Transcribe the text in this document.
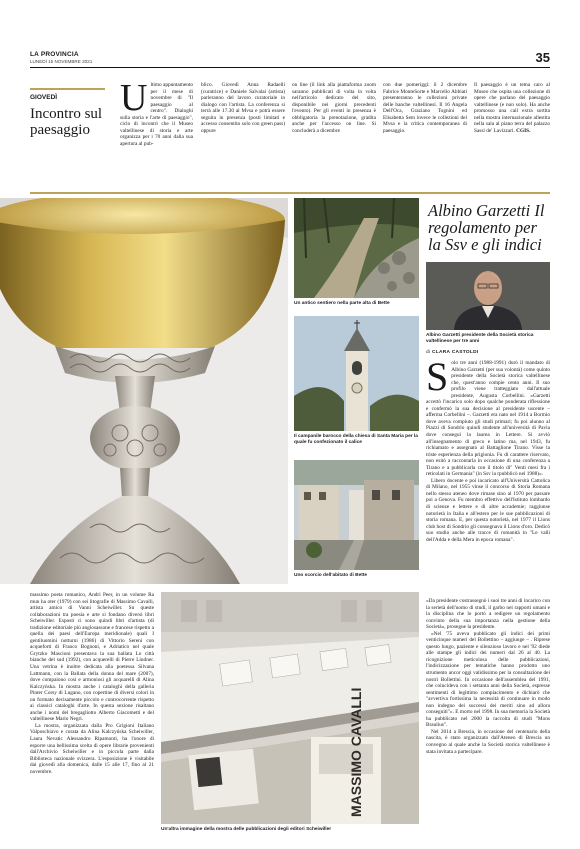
LA PROVINCIA
LUNEDÌ 15 NOVEMBRE 2021	35
GIOVEDÌ
Incontro sul paesaggio
Ultimo appuntamento per il mese di novembre di "Il paesaggio al centro". Dialoghi sulla storia e l'arte di paesaggio", ciclo di incontri che il Museo valtellinese di storia e arte organizza per i 70 anni dalla sua apertura al pub-
blico. Giovedì Anna Radaelli (curatrice) e Daniele Salvalai (artista) parleranno del lavoro curatoriale in dialogo con l'artista. La conferenza si terrà alle 17.30 al Mvsa e potrà essere seguita in presenza (posti limitati e accesso consentito solo con green pass) oppure
on line (il link alla piattaforma zoom saranno pubblicati di volta in volta nell'articolo dedicato del sito, disponibile nei giorni precedenti l'evento). Per gli eventi in presenza è obbligatoria la prenotazione, gradita anche per l'accesso on line. Si concluderà a dicembre
con due pomeriggi: il 2 dicembre Fabrice MonteSorte e Marcello Abbiati presenteranno le collezioni private delle banche valtellinesi. Il 16 Angela Dell'Oca, Graziano Tognini ed Elisabetta Sem invece le collezioni del Mvsa e la critica contemporanea di paesaggio.
Il paesaggio è un tema caro al Museo che ospita una collezione di opere che parlano del paesaggio valtellinese (e non solo). Ha anche promosso una call extra sortita nella mostra internazionale allestita nella sala al piano terra del palazzo Sassi de' Lavizzari. CGIS.
Un antico sentiero nella parte alta di Bette
Il campanile barocco della chiesa di Santa Maria per la quale fu confezionato il calice
Uno scorcio dell'abitato di Bette
Albino Garzetti Il regolamento per la Ssv e gli indici
Albino Garzetti presidente della Società storica valtellinese per tre anni
di CLARA CASTOLDI

Solo tre anni (1988-1991) durò il mandato di Albino Garzetti (per sua volontà) come quinto presidente della Società storica valtellinese che, quest'anno compie cento anni. Il suo profilo viene tratteggiato dall'attuale presidente, Augusta Corbellini. «Garzetti accettò l'incarico solo dopo qualche ponderata riflessione e confermò la sua decisione al presidente uscente – afferma Corbellini –. Garzetti era nato nel 1914 a Bormio dove aveva compiuto gli studi primari; fu poi alunno al Piazzi di Sondrio quindi studente all'università di Pavia dove conseguì la laurea in Lettere. Si avviò all'insegnamento di greco e latino ma, nel 1943, fu richiamato e assegnato al Battaglione Tirano. Visse la triste esperienza della prigionia. Fu di carattere riservato, non esitò a raccontarla in occasione di una conferenza a Tirano e a pubblicarla con il titolo di" Venti mesi fra i reticolati in Germania" (in Ssv la rpubblicò nel 1988)».

Libero docente e poi incaricato all'Università Cattolica di Milano, nel 1955 vinse il concorso di Storia Romana nello stesso ateneo dove rimase sino al 1970 per passare poi a Genova. Fu membro effettivo dell'Istituto lombardo di scienze e lettere e di altre accademie; raggiunse notorietà in Italia e all'estero per le sue pubblicazioni di storia romana. E, per questa notorietà, nel 1977 il Lions club host di Sondrio gli consegnava il Lions d'oro. Dedicò suo studio anche alle tracce di romanità in "Le valli dell'Adda e della Mera in epoca romana".

«Da presidente costrassegnò i suoi tre anni di incarico con la serietà dell'uomo di studi, il garbo nei rapporti umani e la disciplina che lo portò a redigere un regolamento convinto della sua importanza nella gestione della Società», prosegue la presidente.

«Nel '75 aveva pubblicato gli indici dei primi venticinque numeri del Bollettino – aggiunge – . Riprese questo lungo, paziente e silenzioso lavoro e nel '92 diede alle stampe gli indici dei numeri dal 26 al 40. La ricognizione meticolosa delle pubblicazioni, l'indicizzazione per tematiche hanno prodotto uno strumento ancor oggi validissimo per la consultazione dei nostri Bollettini. In occasione dell'assemblea del 1991, che coincideva con i settanta anni della Società, espresse sentimenti di legittimo compiacimento e dichiarò che "avvertiva fortissima la necessità di continuare in modo non indegno dei successi dei meriti sino ad allora conseguiti"». E morto nel 1998. In sua memoria la Società ha pubblicato nel 2000 la raccolta di studi "Mons Braulius".

Nel 2014 a Brescia, in occasione del centenario della nascita, è stato organizzato dall'Ateneo di Brescia un convegno al quale anche la Società storica valtellinese è stata invitata a partecipare.

massimo poeta romanico, Andri Peer, in un volume Ra mun ha oter (1979) con sei litografie di Massimo Cavalli, artista amico di Vanni Scheiwiller. Su queste collaborazioni tra poesia e arte si fondano diversi libri Scheiwiller. Esposti ci sono quindi libri d'artista (di tradizione editoriale più anglosassone e francese rispetto a quella dei paesi dell'Europa meridionale) quali I gentiluomini notturni (1986) di Vittorio Sereni con acqueforti di Franco Bognoni, e Adriatico nel quale Grytzko Mascioni presentava la sua ballata Lo città bianche del sud (1992), con acquerelli di Pierre Lindner. Una vetrina è inoltre dedicata alla poetessa Silvana Lattmann, con la Ballata della donna del mare (2007), dove compaiono cosi e armoniosi gli acquarelli di Alina Kalczyńska. In mostra anche i cataloghi della galleria Pinter Corsy di Lugano, con copertine di diversi colori in un formato decisamente piccolo e controcorrente rispetto ai classici cataloghi d'arte. In questa sezione risaltano anche i nomi del bregagliotto Alberto Giacometti e del valtellinese Mario Negri.

La mostra, organizzata dalla Pro Grigioni Italiano Valposchiavo e curata da Alina Kalczyńska Scheiwiller, Laura Nevatic Alessandro Ripamonti, ha l'onore di esporre una bellissima scelta di opere librarie provenienti dall'Archivio Scheiwiller e in piccola parte dalla Biblioteca nazionale svizzera. L'esposizione è visitabile dai giovedì alla domenica, dalle 15 alle 17, fino al 21 novembre.	MASSIMO CAVALLI
Un'altra immagine della mostra delle pubblicazioni degli editori Scheiwiller
